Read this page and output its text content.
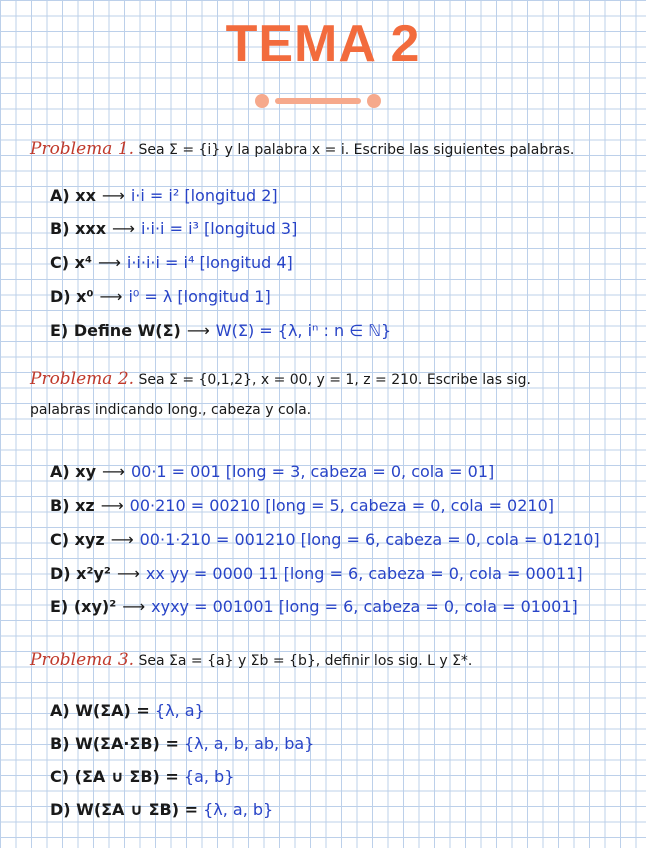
TEMA 2
Problema 1. Sea Σ = {i} y la palabra x = i. Escribe las siguientes palabras.
A) xx ⟶ i·i = i² [longitud 2]
B) xxx ⟶ i·i·i = i³ [longitud 3]
C) x⁴ ⟶ i·i·i·i = i⁴ [longitud 4]
D) x⁰ ⟶ i⁰ = λ [longitud 1]
E) Define W(Σ) ⟶ W(Σ) = {λ, iⁿ : n ∈ ℕ}
Problema 2. Sea Σ = {0,1,2}, x = 00, y = 1, z = 210. Escribe las sig.
palabras indicando long., cabeza y cola.
A) xy ⟶ 00·1 = 001 [long = 3, cabeza = 0, cola = 01]
B) xz ⟶ 00·210 = 00210 [long = 5, cabeza = 0, cola = 0210]
C) xyz ⟶ 00·1·210 = 001210 [long = 6, cabeza = 0, cola = 01210]
D) x²y² ⟶ xx yy = 0000 11 [long = 6, cabeza = 0, cola = 00011]
E) (xy)² ⟶ xyxy = 001001 [long = 6, cabeza = 0, cola = 01001]
Problema 3. Sea Σa = {a} y Σb = {b}, definir los sig. L y Σ*.
A) W(ΣA) = {λ, a}
B) W(ΣA·ΣB) = {λ, a, b, ab, ba}
C) (ΣA ∪ ΣB) = {a, b}
D) W(ΣA ∪ ΣB) = {λ, a, b}
